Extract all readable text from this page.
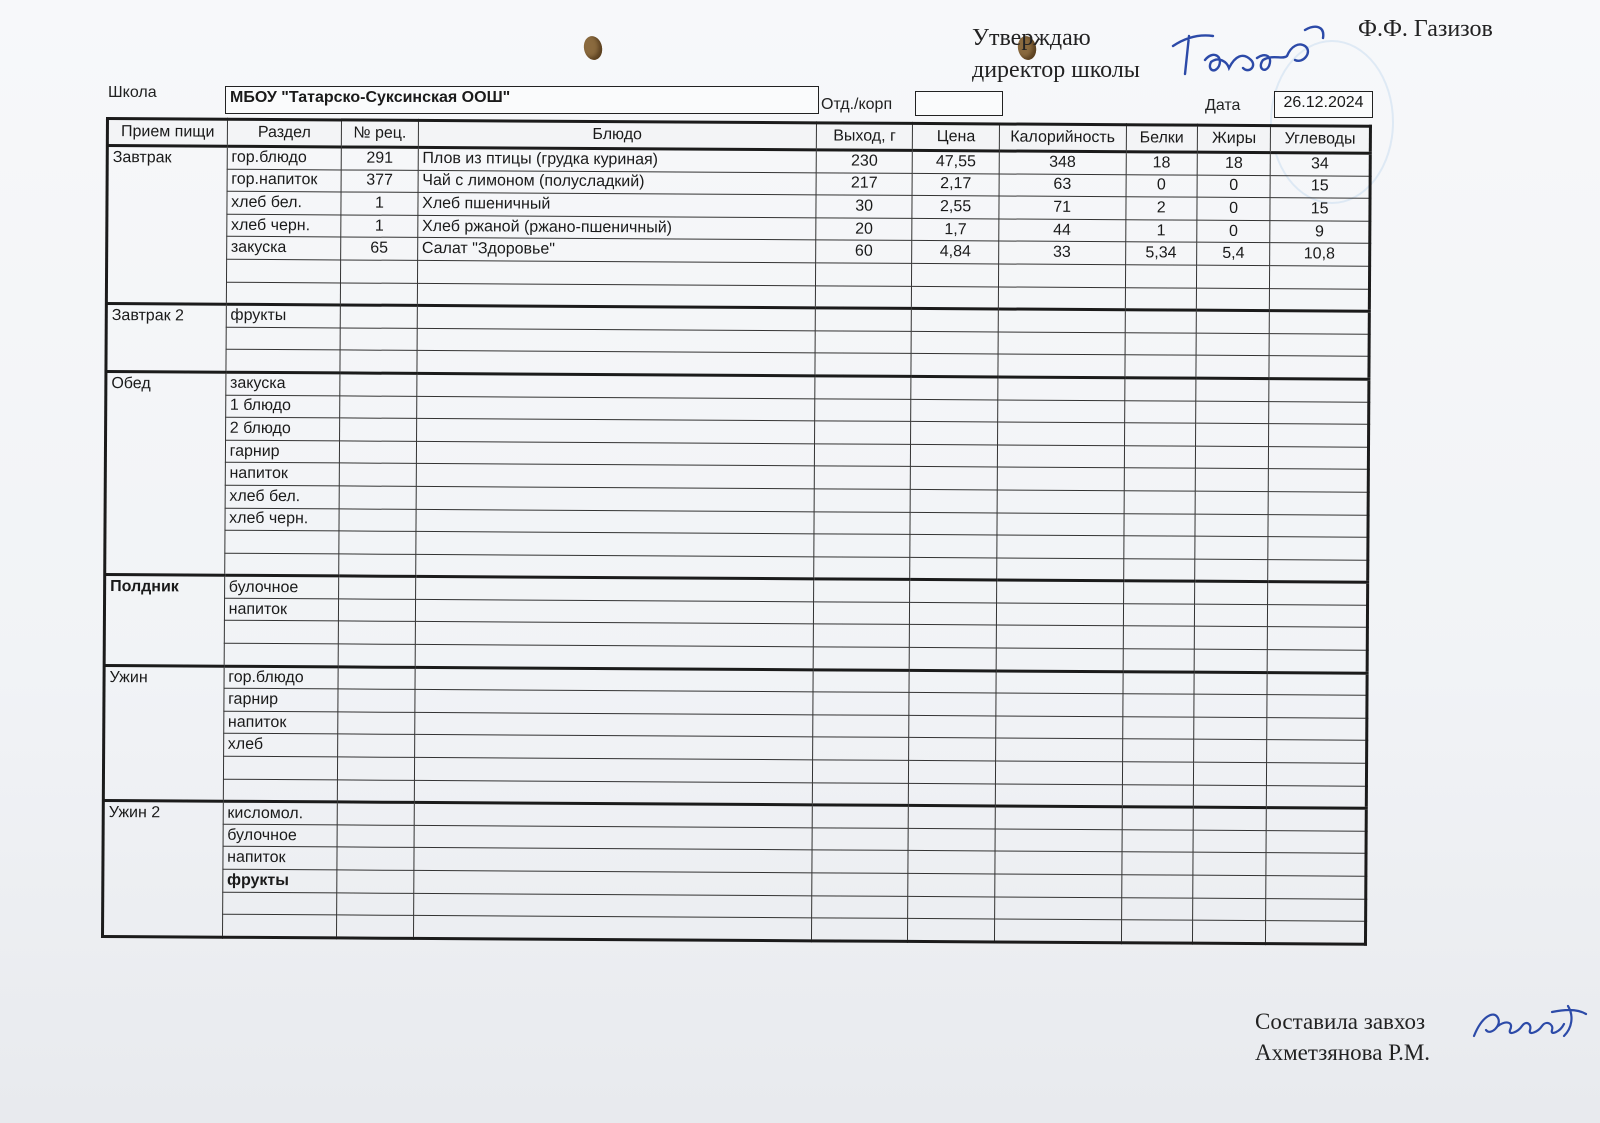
Утверждаю
директор школы
Ф.Ф. Газизов
Школа	МБОУ "Татарско-Суксинская ООШ"	Отд./корп	Дата	26.12.2024
Прием пищи	Раздел	№ рец.	Блюдо	Выход, г	Цена	Калорийность	Белки	Жиры	Углеводы
Завтрак	гор.блюдо	291	Плов из птицы (грудка куриная)	230	47,55	348	18	18	34
	гор.напиток	377	Чай с лимоном (полусладкий)	217	2,17	63	0	0	15
	хлеб бел.	1	Хлеб пшеничный	30	2,55	71	2	0	15
	хлеб черн.	1	Хлеб ржаной (ржано-пшеничный)	20	1,7	44	1	0	9
	закуска	65	Салат "Здоровье"	60	4,84	33	5,34	5,4	10,8

Завтрак 2	фрукты								

Обед	закуска								
	1 блюдо								
	2 блюдо								
	гарнир								
	напиток								
	хлеб бел.								
	хлеб черн.								

Полдник	булочное								
	напиток								

Ужин	гор.блюдо								
	гарнир								
	напиток								
	хлеб								

Ужин 2	кисломол.								
	булочное								
	напиток								
	фрукты								

Составила завхоз
Ахметзянова Р.М.
